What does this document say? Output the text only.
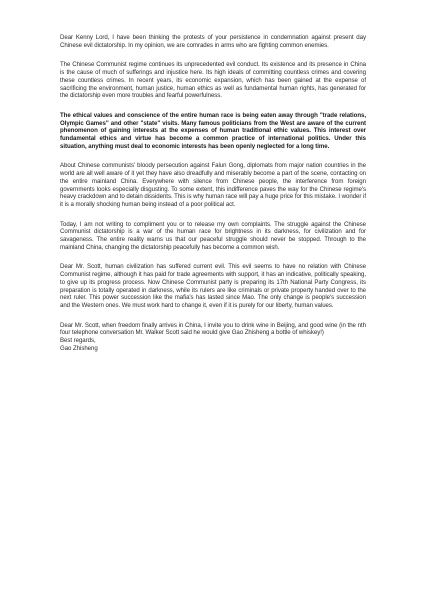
Dear Kenny Lord, I have been thinking the protests of your persistence in condemnation against present day Chinese evil dictatorship. In my opinion, we are comrades in arms who are fighting common enemies.

The Chinese Communist regime continues its unprecedented evil conduct. Its existence and its presence in China is the cause of much of sufferings and injustice here. Its high ideals of committing countless crimes and covering these countless crimes. In recent years, its economic expansion, which has been gained at the expense of sacrificing the environment, human justice, human ethics as well as fundamental human rights, has generated for the dictatorship even more troubles and fearful powerfulness.

The ethical values and conscience of the entire human race is being eaten away through "trade relations, Olympic Games" and other "state" visits. Many famous politicians from the West are aware of the current phenomenon of gaining interests at the expenses of human traditional ethic values. This interest over fundamental ethics and virtue has become a common practice of international politics. Under this situation, anything must deal to economic interests has been openly neglected for a long time.

About Chinese communists' bloody persecution against Falun Gong, diplomats from major nation countries in the world are all well aware of it yet they have also dreadfully and miserably become a part of the scene, contacting on the entire mainland China. Everywhere with silence from Chinese people, the interference from foreign governments looks especially disgusting. To some extent, this indifference paves the way for the Chinese regime's heavy crackdown and to detain dissidents. This is why human race will pay a huge price for this mistake. I wonder if it is a morally shocking human being instead of a poor political act.

Today, I am not writing to compliment you or to release my own complaints. The struggle against the Chinese Communist dictatorship is a war of the human race for brightness in its darkness, for civilization and for savageness. The entire reality warns us that our peaceful struggle should never be stopped. Through to the mainland China, changing the dictatorship peacefully has become a common wish.

Dear Mr. Scott, human civilization has suffered current evil. This evil seems to have no relation with Chinese Communist regime, although it has paid for trade agreements with support, it has an indicative, politically speaking, to give up its progress process. Now Chinese Communist party is preparing its 17th National Party Congress, its preparation is totally operated in darkness, while its rulers are like criminals or private property handed over to the next ruler. This power succession like the mafia's has lasted since Mao. The only change is people's succession and the Western ones. We must work hard to change it, even if it is purely for our liberty, human values.

Dear Mr. Scott, when freedom finally arrives in China, I invite you to drink wine in Beijing, and good wine (in the nth four telephone conversation Mr. Walker Scott said he would give Gao Zhisheng a bottle of whiskey!)

Best regards,

Gao Zhisheng
